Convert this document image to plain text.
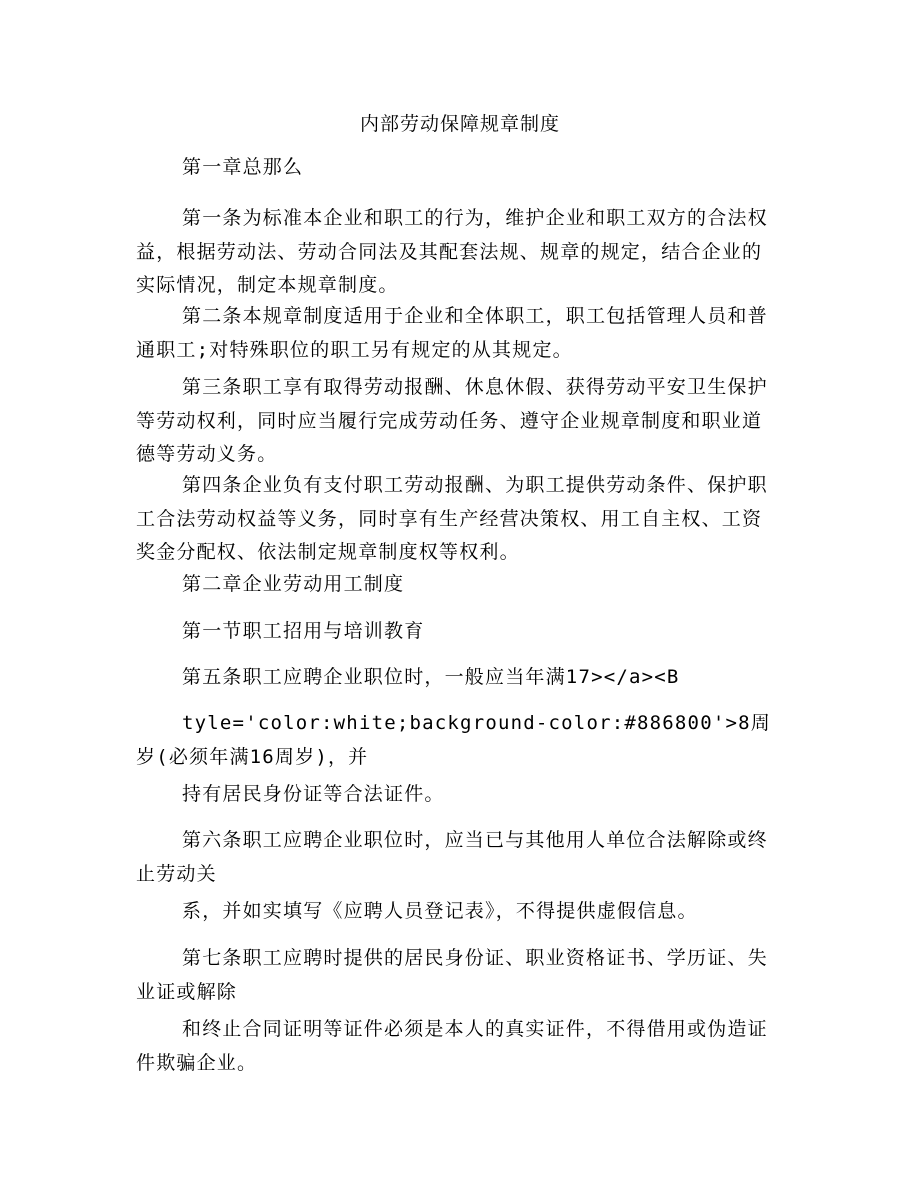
内部劳动保障规章制度

第一章总那么

第一条为标准本企业和职工的行为，维护企业和职工双方的合法权益，根据劳动法、劳动合同法及其配套法规、规章的规定，结合企业的实际情况，制定本规章制度。

第二条本规章制度适用于企业和全体职工，职工包括管理人员和普通职工;对特殊职位的职工另有规定的从其规定。

第三条职工享有取得劳动报酬、休息休假、获得劳动平安卫生保护等劳动权利，同时应当履行完成劳动任务、遵守企业规章制度和职业道德等劳动义务。

第四条企业负有支付职工劳动报酬、为职工提供劳动条件、保护职工合法劳动权益等义务，同时享有生产经营决策权、用工自主权、工资奖金分配权、依法制定规章制度权等权利。

第二章企业劳动用工制度

第一节职工招用与培训教育

第五条职工应聘企业职位时，一般应当年满17></a><B

tyle='color:white;background-color:#886800'>8周岁(必须年满16周岁)，并

持有居民身份证等合法证件。

第六条职工应聘企业职位时，应当已与其他用人单位合法解除或终止劳动关

系，并如实填写《应聘人员登记表》，不得提供虚假信息。

第七条职工应聘时提供的居民身份证、职业资格证书、学历证、失业证或解除

和终止合同证明等证件必须是本人的真实证件，不得借用或伪造证件欺骗企业。
